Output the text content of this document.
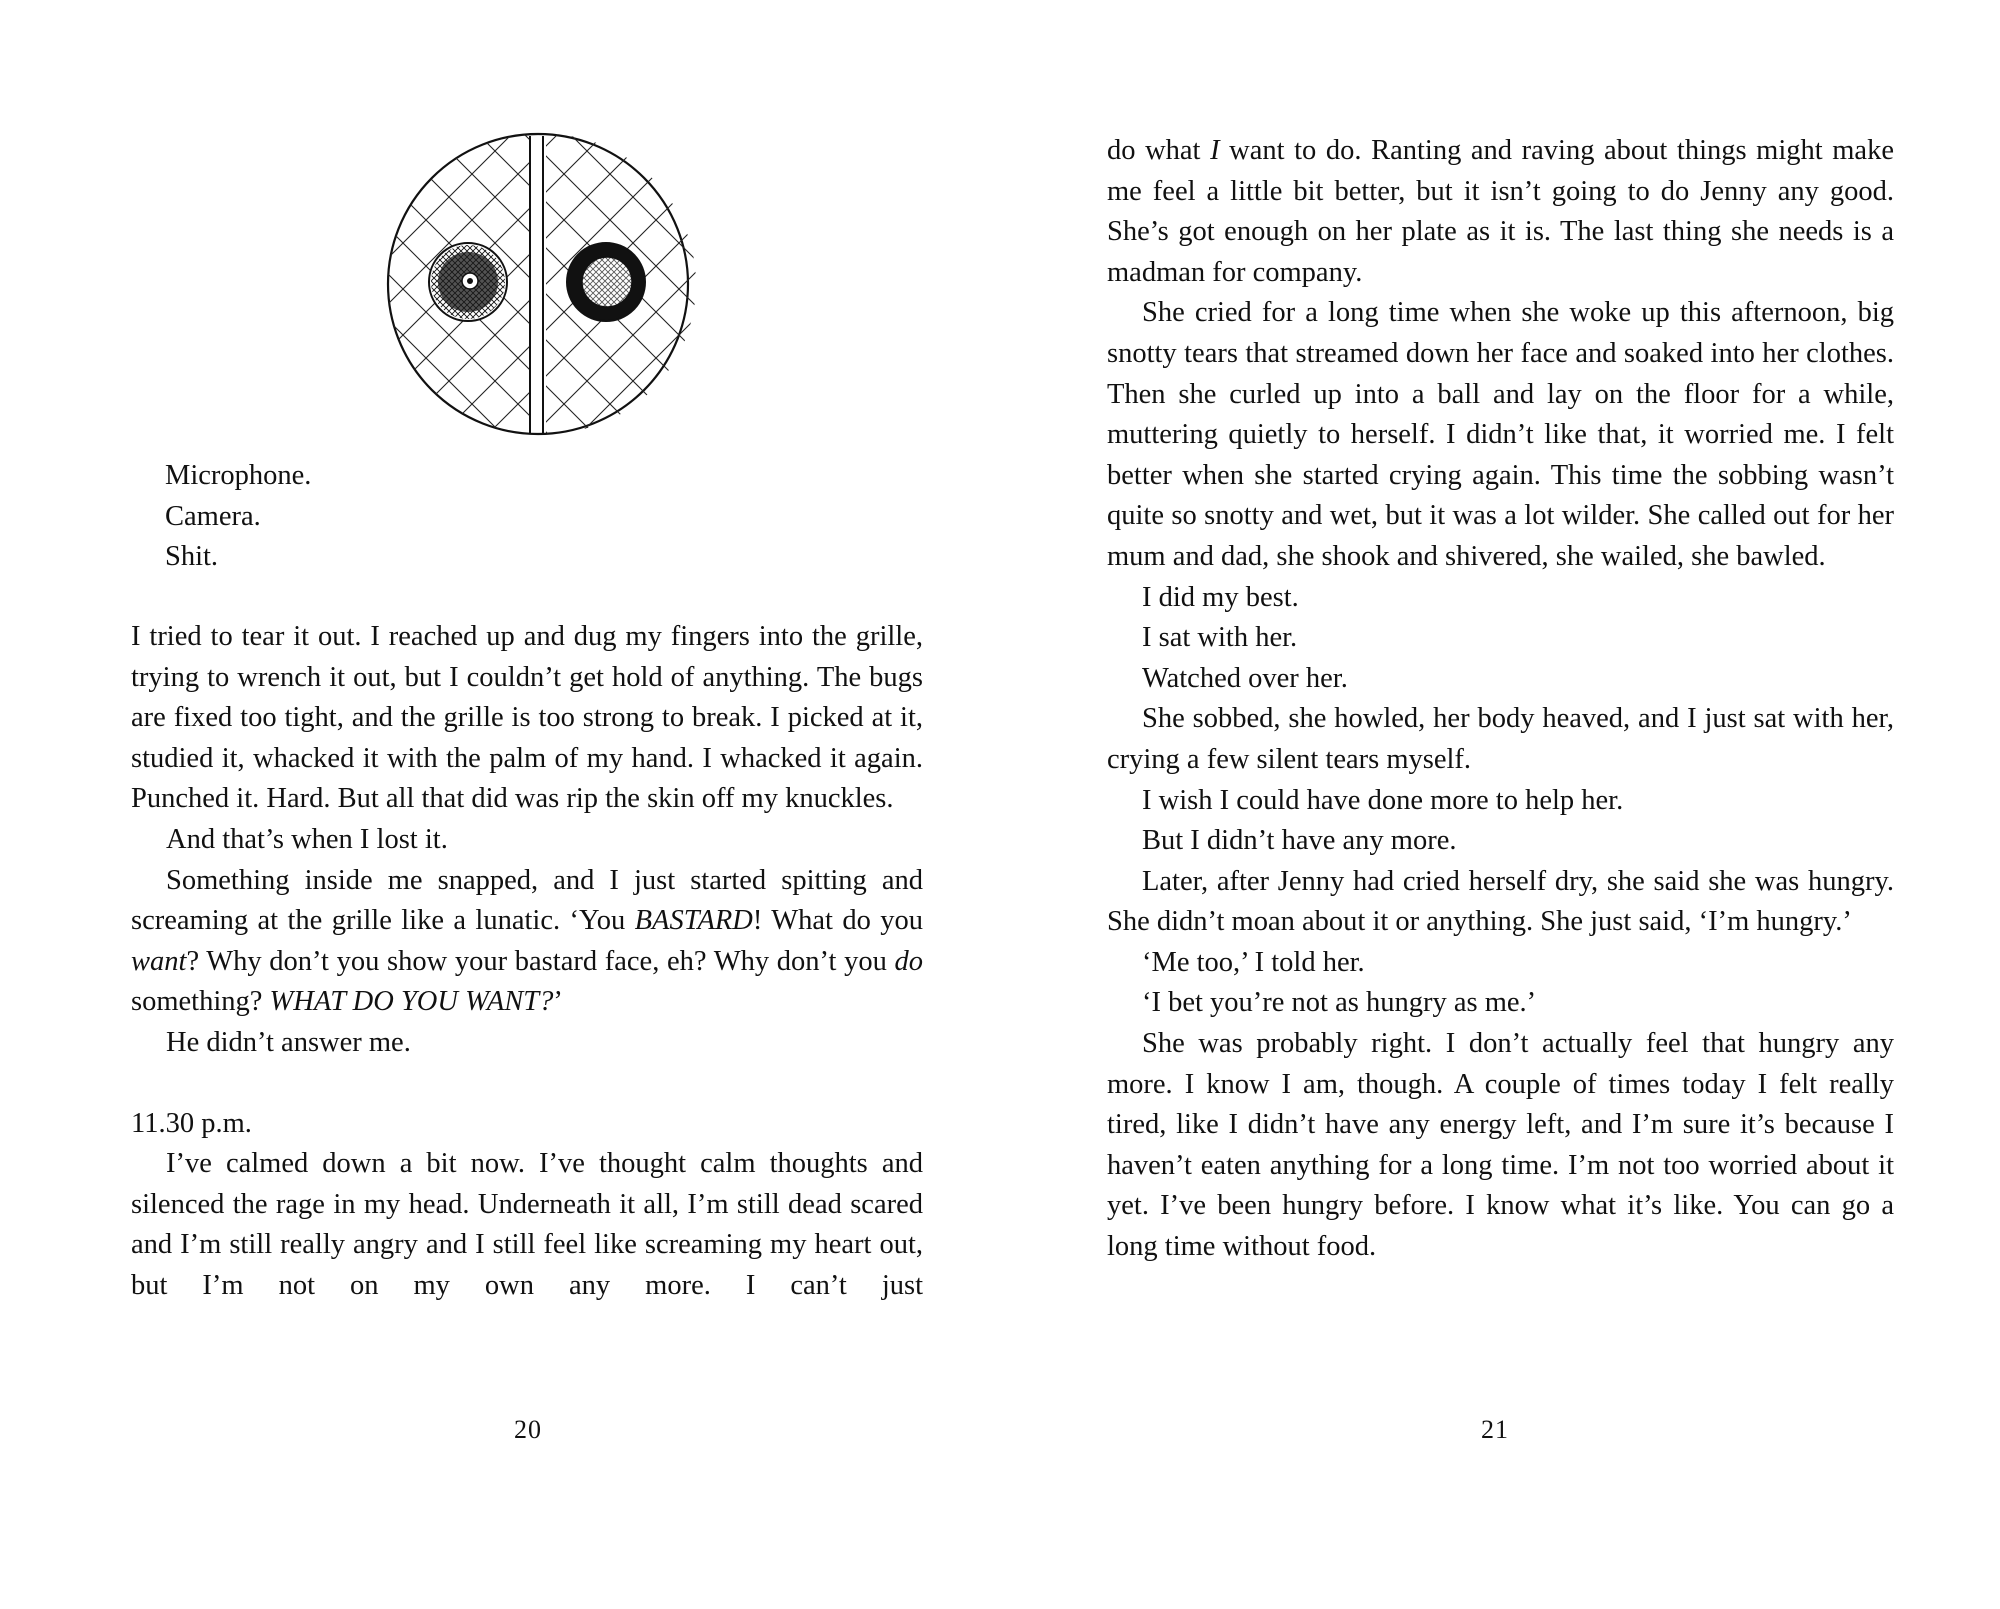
Microphone.
Camera.
Shit.

I tried to tear it out. I reached up and dug my fingers into the grille, trying to wrench it out, but I couldn’t get hold of anything. The bugs are fixed too tight, and the grille is too strong to break. I picked at it, studied it, whacked it with the palm of my hand. I whacked it again. Punched it. Hard. But all that did was rip the skin off my knuckles.

And that’s when I lost it.

Something inside me snapped, and I just started spitting and screaming at the grille like a lunatic. ‘You BASTARD! What do you want? Why don’t you show your bastard face, eh? Why don’t you do something? WHAT DO YOU WANT?’

He didn’t answer me.

11.30 p.m.

I’ve calmed down a bit now. I’ve thought calm thoughts and silenced the rage in my head. Underneath it all, I’m still dead scared and I’m still really angry and I still feel like screaming my heart out, but I’m not on my own any more. I can’t just

20

do what I want to do. Ranting and raving about things might make me feel a little bit better, but it isn’t going to do Jenny any good. She’s got enough on her plate as it is. The last thing she needs is a madman for company.

She cried for a long time when she woke up this afternoon, big snotty tears that streamed down her face and soaked into her clothes. Then she curled up into a ball and lay on the floor for a while, muttering quietly to herself. I didn’t like that, it worried me. I felt better when she started crying again. This time the sobbing wasn’t quite so snotty and wet, but it was a lot wilder. She called out for her mum and dad, she shook and shivered, she wailed, she bawled.

I did my best.

I sat with her.

Watched over her.

She sobbed, she howled, her body heaved, and I just sat with her, crying a few silent tears myself.

I wish I could have done more to help her.

But I didn’t have any more.

Later, after Jenny had cried herself dry, she said she was hungry. She didn’t moan about it or anything. She just said, ‘I’m hungry.’

‘Me too,’ I told her.

‘I bet you’re not as hungry as me.’

She was probably right. I don’t actually feel that hungry any more. I know I am, though. A couple of times today I felt really tired, like I didn’t have any energy left, and I’m sure it’s because I haven’t eaten anything for a long time. I’m not too worried about it yet. I’ve been hungry before. I know what it’s like. You can go a long time without food.

21
